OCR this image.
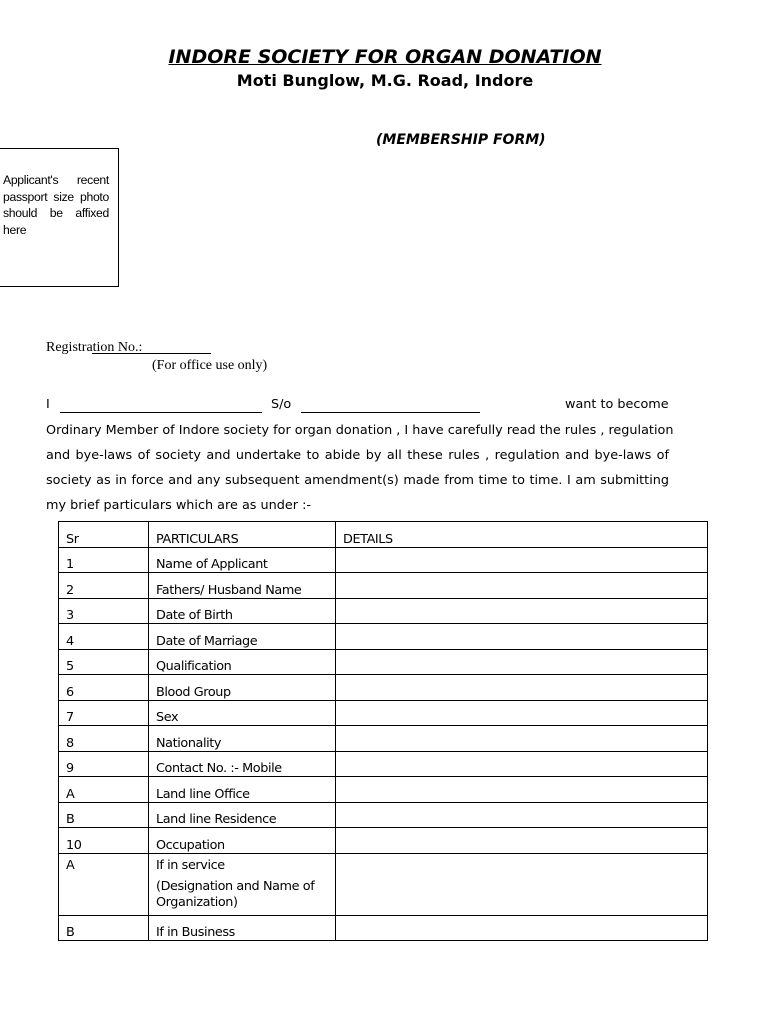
INDORE SOCIETY FOR ORGAN DONATION
Moti Bunglow, M.G. Road, Indore
(MEMBERSHIP FORM)
Applicant's recent passport size photo should be affixed here
Registration No.:
(For office use only)
I	S/o	want to become
Ordinary Member of Indore society for organ donation , I have carefully read the rules , regulation
and bye-laws of society and undertake to abide by all these rules , regulation and bye-laws of
society as in force and any subsequent amendment(s) made from time to time. I am submitting
my brief particulars which are as under :-
Sr	PARTICULARS	DETAILS
1	Name of Applicant	
2	Fathers/ Husband Name	
3	Date of Birth	
4	Date of Marriage	
5	Qualification	
6	Blood Group	
7	Sex	
8	Nationality	
9	Contact No. :- Mobile	
A	Land line Office	
B	Land line Residence	
10	Occupation	
A	If in service
(Designation and Name of Organization)	

B	If in Business	
